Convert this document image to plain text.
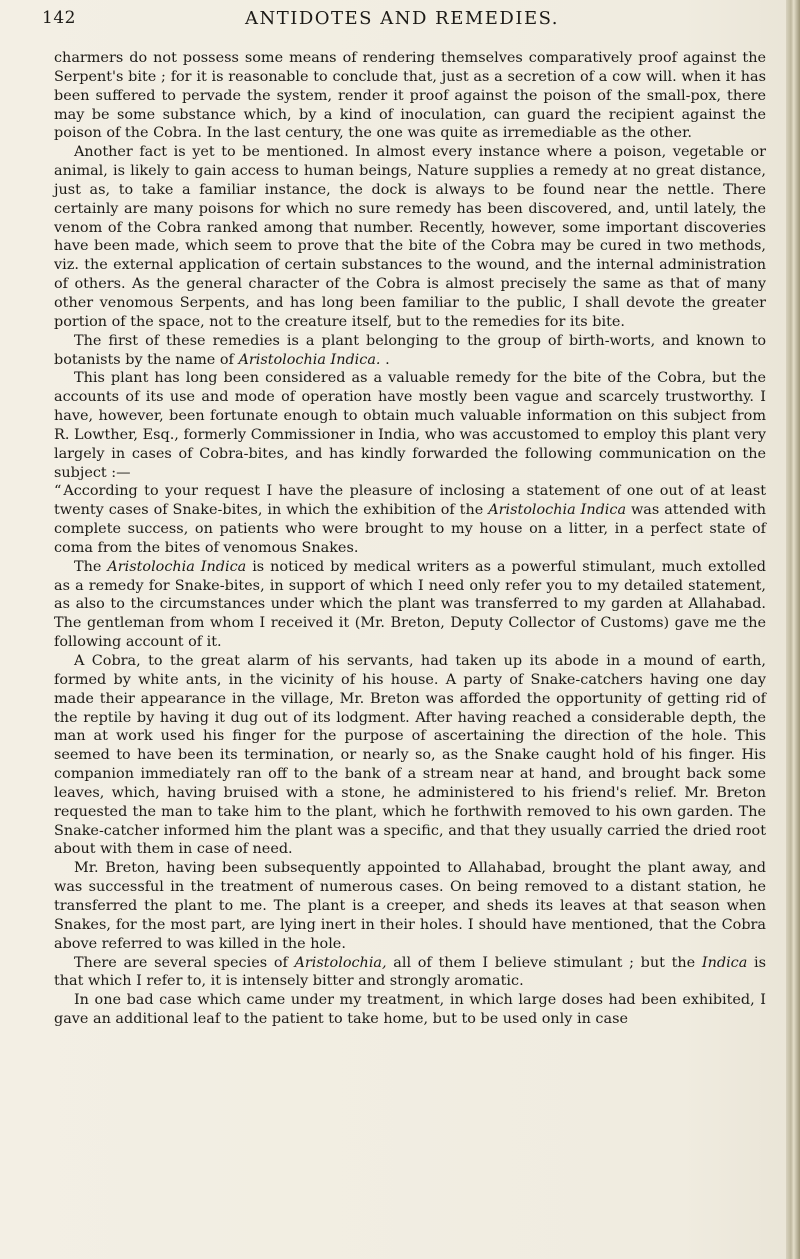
142	ANTIDOTES AND REMEDIES.

charmers do not possess some means of rendering themselves comparatively proof against the Serpent's bite ; for it is reasonable to conclude that, just as a secretion of a cow will. when it has been suffered to pervade the system, render it proof against the poison of the small-pox, there may be some substance which, by a kind of inoculation, can guard the recipient against the poison of the Cobra. In the last century, the one was quite as irremediable as the other.

Another fact is yet to be mentioned. In almost every instance where a poison, vegetable or animal, is likely to gain access to human beings, Nature supplies a remedy at no great distance, just as, to take a familiar instance, the dock is always to be found near the nettle. There certainly are many poisons for which no sure remedy has been discovered, and, until lately, the venom of the Cobra ranked among that number. Recently, however, some important discoveries have been made, which seem to prove that the bite of the Cobra may be cured in two methods, viz. the external application of certain substances to the wound, and the internal administration of others. As the general character of the Cobra is almost precisely the same as that of many other venomous Serpents, and has long been familiar to the public, I shall devote the greater portion of the space, not to the creature itself, but to the remedies for its bite.

The first of these remedies is a plant belonging to the group of birth-worts, and known to botanists by the name of Aristolochia Indica. .

This plant has long been considered as a valuable remedy for the bite of the Cobra, but the accounts of its use and mode of operation have mostly been vague and scarcely trustworthy. I have, however, been fortunate enough to obtain much valuable information on this subject from R. Lowther, Esq., formerly Commissioner in India, who was accustomed to employ this plant very largely in cases of Cobra-bites, and has kindly forwarded the following communication on the subject :—

“ According to your request I have the pleasure of inclosing a statement of one out of at least twenty cases of Snake-bites, in which the exhibition of the Aristolochia Indica was attended with complete success, on patients who were brought to my house on a litter, in a perfect state of coma from the bites of venomous Snakes.

The Aristolochia Indica is noticed by medical writers as a powerful stimulant, much extolled as a remedy for Snake-bites, in support of which I need only refer you to my detailed statement, as also to the circumstances under which the plant was transferred to my garden at Allahabad. The gentleman from whom I received it (Mr. Breton, Deputy Collector of Customs) gave me the following account of it.

A Cobra, to the great alarm of his servants, had taken up its abode in a mound of earth, formed by white ants, in the vicinity of his house. A party of Snake-catchers having one day made their appearance in the village, Mr. Breton was afforded the opportunity of getting rid of the reptile by having it dug out of its lodgment. After having reached a considerable depth, the man at work used his finger for the purpose of ascertaining the direction of the hole. This seemed to have been its termination, or nearly so, as the Snake caught hold of his finger. His companion immediately ran off to the bank of a stream near at hand, and brought back some leaves, which, having bruised with a stone, he administered to his friend's relief. Mr. Breton requested the man to take him to the plant, which he forthwith removed to his own garden. The Snake-catcher informed him the plant was a specific, and that they usually carried the dried root about with them in case of need.

Mr. Breton, having been subsequently appointed to Allahabad, brought the plant away, and was successful in the treatment of numerous cases. On being removed to a distant station, he transferred the plant to me. The plant is a creeper, and sheds its leaves at that season when Snakes, for the most part, are lying inert in their holes. I should have mentioned, that the Cobra above referred to was killed in the hole.

There are several species of Aristolochia, all of them I believe stimulant ; but the Indica is that which I refer to, it is intensely bitter and strongly aromatic.

In one bad case which came under my treatment, in which large doses had been exhibited, I gave an additional leaf to the patient to take home, but to be used only in case
